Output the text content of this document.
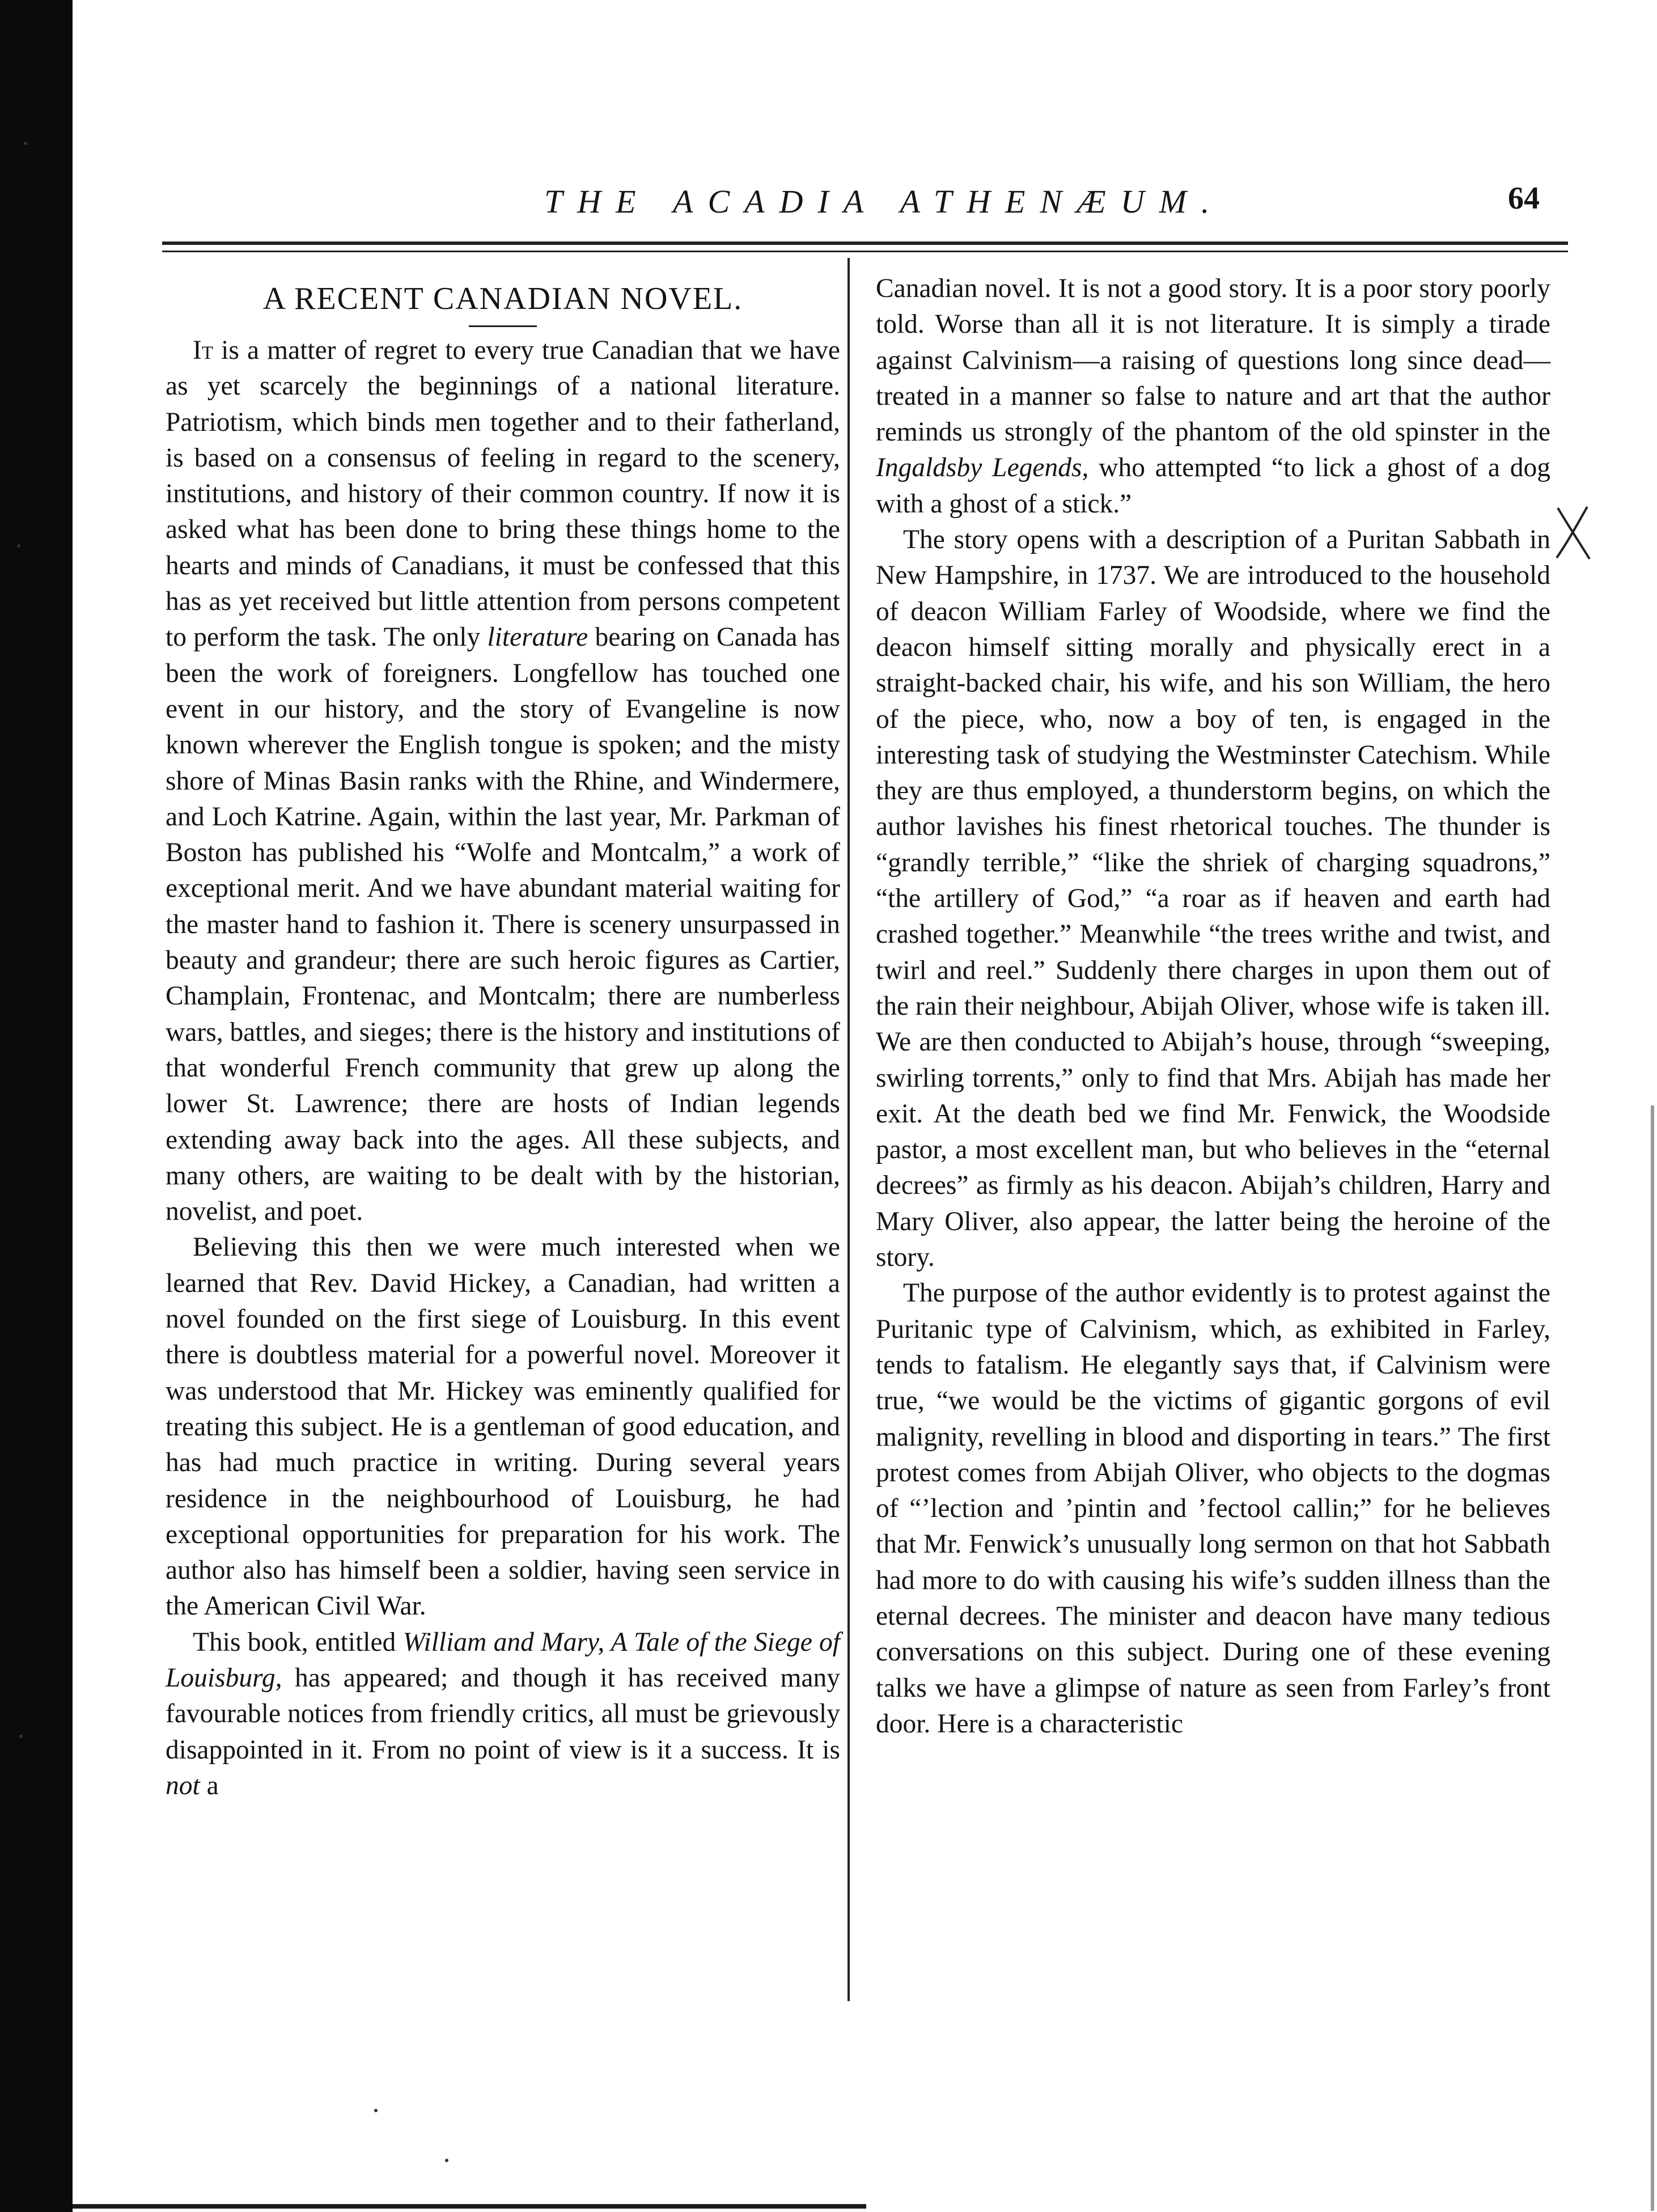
THE ACADIA ATHENÆUM.	64
A RECENT CANADIAN NOVEL.

It is a matter of regret to every true Canadian that we have as yet scarcely the beginnings of a national literature. Patriotism, which binds men together and to their fatherland, is based on a consensus of feeling in regard to the scenery, institutions, and history of their common country. If now it is asked what has been done to bring these things home to the hearts and minds of Canadians, it must be confessed that this has as yet received but little attention from persons competent to perform the task. The only literature bearing on Canada has been the work of foreigners. Longfellow has touched one event in our history, and the story of Evangeline is now known wherever the English tongue is spoken; and the misty shore of Minas Basin ranks with the Rhine, and Windermere, and Loch Katrine. Again, within the last year, Mr. Parkman of Boston has published his “Wolfe and Montcalm,” a work of exceptional merit. And we have abundant material waiting for the master hand to fashion it. There is scenery unsurpassed in beauty and grandeur; there are such heroic figures as Cartier, Champlain, Frontenac, and Montcalm; there are numberless wars, battles, and sieges; there is the history and institutions of that wonderful French community that grew up along the lower St. Lawrence; there are hosts of Indian legends extending away back into the ages. All these subjects, and many others, are waiting to be dealt with by the historian, novelist, and poet.

Believing this then we were much interested when we learned that Rev. David Hickey, a Canadian, had written a novel founded on the first siege of Louisburg. In this event there is doubtless material for a powerful novel. Moreover it was understood that Mr. Hickey was eminently qualified for treating this subject. He is a gentleman of good education, and has had much practice in writing. During several years residence in the neighbourhood of Louisburg, he had exceptional opportunities for preparation for his work. The author also has himself been a soldier, having seen service in the American Civil War.

This book, entitled William and Mary, A Tale of the Siege of Louisburg, has appeared; and though it has received many favourable notices from friendly critics, all must be grievously disappointed in it. From no point of view is it a success. It is not a

Canadian novel. It is not a good story. It is a poor story poorly told. Worse than all it is not literature. It is simply a tirade against Calvinism—a raising of questions long since dead—treated in a manner so false to nature and art that the author reminds us strongly of the phantom of the old spinster in the Ingaldsby Legends, who attempted “to lick a ghost of a dog with a ghost of a stick.”

The story opens with a description of a Puritan Sabbath in New Hampshire, in 1737. We are introduced to the household of deacon William Farley of Woodside, where we find the deacon himself sitting morally and physically erect in a straight-backed chair, his wife, and his son William, the hero of the piece, who, now a boy of ten, is engaged in the interesting task of studying the Westminster Catechism. While they are thus employed, a thunderstorm begins, on which the author lavishes his finest rhetorical touches. The thunder is “grandly terrible,” “like the shriek of charging squadrons,” “the artillery of God,” “a roar as if heaven and earth had crashed together.” Meanwhile “the trees writhe and twist, and twirl and reel.” Suddenly there charges in upon them out of the rain their neighbour, Abijah Oliver, whose wife is taken ill. We are then conducted to Abijah’s house, through “sweeping, swirling torrents,” only to find that Mrs. Abijah has made her exit. At the death bed we find Mr. Fenwick, the Woodside pastor, a most excellent man, but who believes in the “eternal decrees” as firmly as his deacon. Abijah’s children, Harry and Mary Oliver, also appear, the latter being the heroine of the story.

The purpose of the author evidently is to protest against the Puritanic type of Calvinism, which, as exhibited in Farley, tends to fatalism. He elegantly says that, if Calvinism were true, “we would be the victims of gigantic gorgons of evil malignity, revelling in blood and disporting in tears.” The first protest comes from Abijah Oliver, who objects to the dogmas of “’lection and ’pintin and ’fectool callin;” for he believes that Mr. Fenwick’s unusually long sermon on that hot Sabbath had more to do with causing his wife’s sudden illness than the eternal decrees. The minister and deacon have many tedious conversations on this subject. During one of these evening talks we have a glimpse of nature as seen from Farley’s front door. Here is a characteristic
